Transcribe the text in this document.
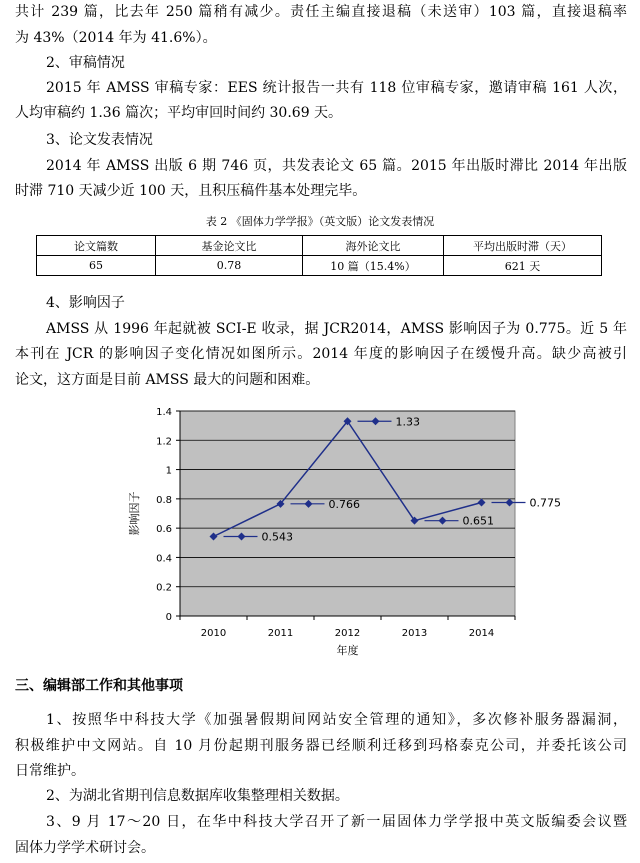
共计 239 篇，比去年 250 篇稍有减少。责任主编直接退稿（未送审）103 篇，直接退稿率
为 43%（2014 年为 41.6%）。
2、审稿情况
2015 年 AMSS 审稿专家：EES 统计报告一共有 118 位审稿专家，邀请审稿 161 人次，
人均审稿约 1.36 篇次；平均审回时间约 30.69 天。
3、论文发表情况
2014 年 AMSS 出版 6 期 746 页，共发表论文 65 篇。2015 年出版时滞比 2014 年出版
时滞 710 天减少近 100 天，且积压稿件基本处理完毕。
表 2 《固体力学学报》（英文版）论文发表情况
论文篇数	基金论文比	海外论文比	平均出版时滞（天）
65	0.78	10 篇（15.4%）	621 天
4、影响因子
AMSS 从 1996 年起就被 SCI-E 收录，据 JCR2014，AMSS 影响因子为 0.775。近 5 年
本刊在 JCR 的影响因子变化情况如图所示。2014 年度的影响因子在缓慢升高。缺少高被引
论文，这方面是目前 AMSS 最大的问题和困难。
0
0.2
0.4
0.6
0.8
1
1.2
1.4
2010	2011	2012	2013	2014
年度
影响因子
0.543
0.766
1.33
0.651
0.775
三、编辑部工作和其他事项
1、按照华中科技大学《加强暑假期间网站安全管理的通知》，多次修补服务器漏洞，
积极维护中文网站。自 10 月份起期刊服务器已经顺利迁移到玛格泰克公司，并委托该公司
日常维护。
2、为湖北省期刊信息数据库收集整理相关数据。
3、9 月 17～20 日，在华中科技大学召开了新一届固体力学学报中英文版编委会议暨
固体力学学术研讨会。
